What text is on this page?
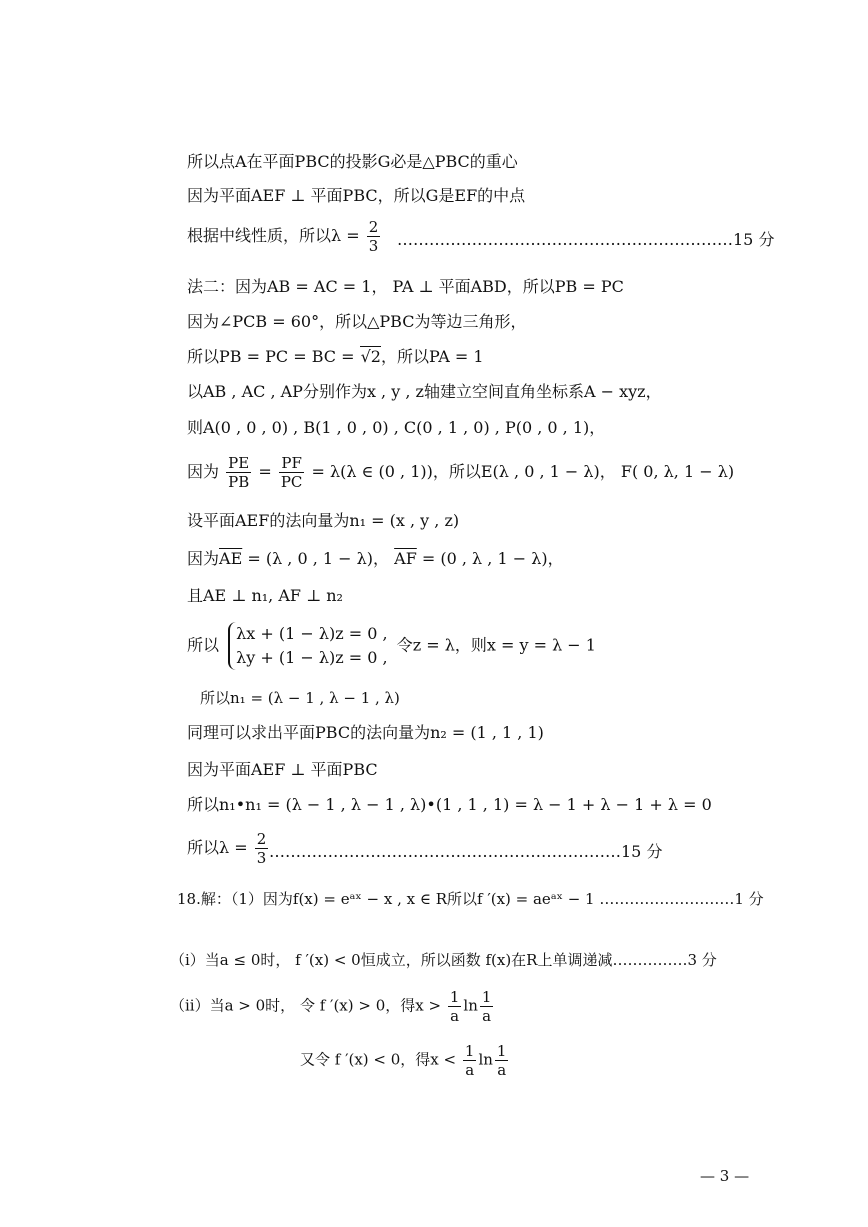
所以点A在平面PBC的投影G必是△PBC的重心
因为平面AEF ⊥ 平面PBC，所以G是EF的中点
根据中线性质，所以$\lambda = \frac{2}{3}$ ………………………………………………………15 分
法二：因为AB = AC = 1， PA ⊥ 平面ABD，所以PB = PC
因为∠PCB = 60°，所以△PBC为等边三角形，
所以PB = PC = BC = √2，所以PA = 1
以AB , AC , AP分别作为x , y , z轴建立空间直角坐标系A − xyz，
则A(0 , 0 , 0) , B(1 , 0 , 0) , C(0 , 1 , 0) , P(0 , 0 , 1)，
因为 $\frac{PE}{PB} = \frac{PF}{PC} = \lambda(\lambda$ ∈ (0 , 1))，所以E(λ , 0 , 1 − λ)， F( 0, λ, 1 − λ)
设平面AEF的法向量为n₁ = (x , y , z)
因为$\overline{AE} = (\lambda$ , 0 , 1 − λ)， $\overline{AF} = (0$ , λ , 1 − λ)，
且AE ⊥ n₁, AF ⊥ n₂
所以
λx + (1 − λ)z = 0 ,
λy + (1 − λ)z = 0 ,
令z = λ，则x = y = λ − 1
所以n₁ = (λ − 1 , λ − 1 , λ)
同理可以求出平面PBC的法向量为n₂ = (1 , 1 , 1)
因为平面AEF ⊥ 平面PBC
所以n₁•n₁ = (λ − 1 , λ − 1 , λ)•(1 , 1 , 1) = λ − 1 + λ − 1 + λ = 0
所以$\lambda = \frac{2}{3}$ …………………………………………………………15 分
18.解：（1）因为f(x) = eᵃˣ − x , x ∈ R所以f ′(x) = aeᵃˣ − 1 ………………………1 分
（i）当a ≤ 0时， f ′(x) < 0恒成立，所以函数 f(x)在R上单调递减……………3 分
（ii）当a > 0时， 令 f ′(x) > 0，得$x > \frac{1}{a}$ $\ln \frac{1}{a}$
又令 f ′(x) < 0，得$x < \frac{1}{a}$ $\ln \frac{1}{a}$
— 3 —
